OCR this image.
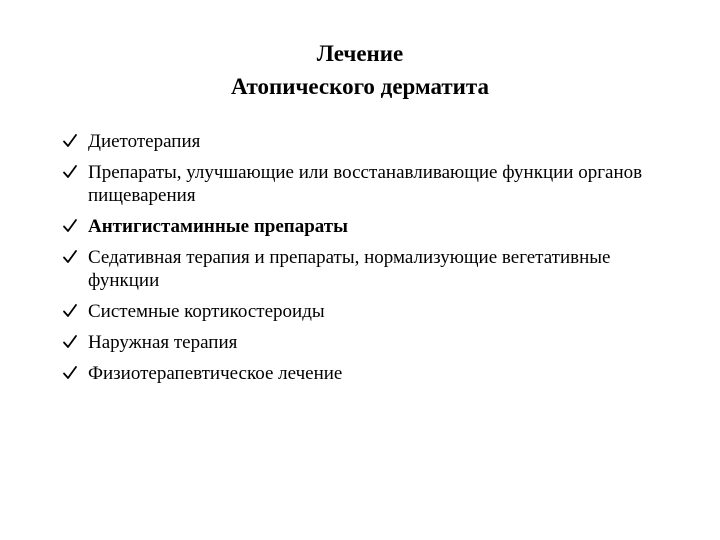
Лечение
Атопического дерматита
Диетотерапия
Препараты, улучшающие или восстанавливающие функции органов пищеварения
Антигистаминные препараты
Седативная терапия и препараты, нормализующие вегетативные функции
Системные кортикостероиды
Наружная терапия
Физиотерапевтическое лечение
